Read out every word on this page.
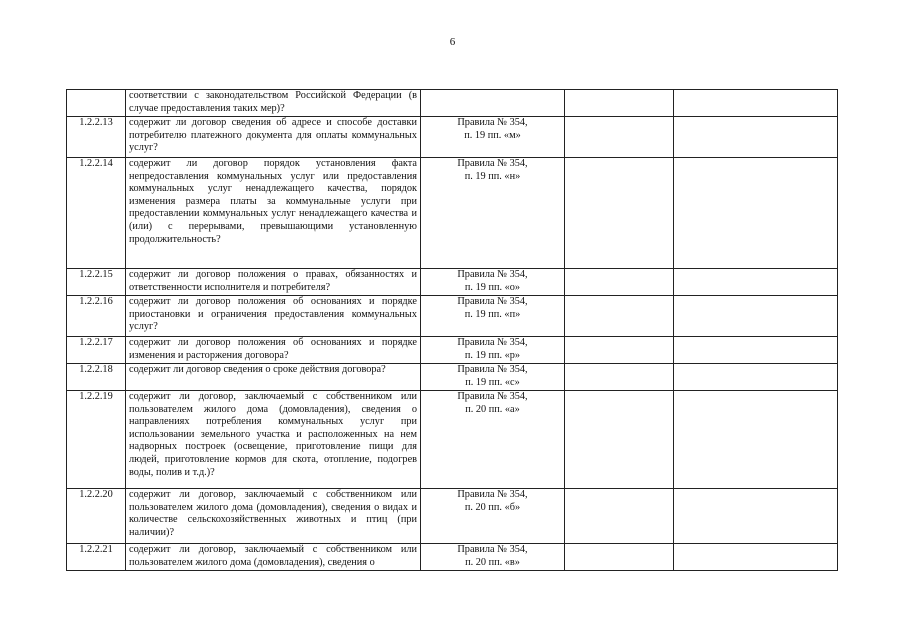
6
	соответствии с законодательством Российской Федерации (в случае предоставления таких мер)?	

1.2.2.13	содержит ли договор сведения об адресе и способе доставки потребителю платежного документа для оплаты коммунальных услуг?	Правила № 354,
п. 19 пп. «м»		

1.2.2.14	содержит ли договор порядок установления факта непредоставления коммунальных услуг или предоставления коммунальных услуг ненадлежащего качества, порядок изменения размера платы за коммунальные услуги при предоставлении коммунальных услуг ненадлежащего качества и (или) с перерывами, превышающими установленную продолжительность?	Правила № 354,
п. 19 пп. «н»		

1.2.2.15	содержит ли договор положения о правах, обязанностях и ответственности исполнителя и потребителя?	Правила № 354,
п. 19 пп. «о»		

1.2.2.16	содержит ли договор положения об основаниях и порядке приостановки и ограничения предоставления коммунальных услуг?	Правила № 354,
п. 19 пп. «п»		

1.2.2.17	содержит ли договор положения об основаниях и порядке изменения и расторжения договора?	Правила № 354,
п. 19 пп. «р»		

1.2.2.18	содержит ли договор сведения о сроке действия договора?	Правила № 354,
п. 19 пп. «с»		

1.2.2.19	содержит ли договор, заключаемый с собственником или пользователем жилого дома (домовладения), сведения о направлениях потребления коммунальных услуг при использовании земельного участка и расположенных на нем надворных построек (освещение, приготовление пищи для людей, приготовление кормов для скота, отопление, подогрев воды, полив и т.д.)?	Правила № 354,
п. 20 пп. «а»		

1.2.2.20	содержит ли договор, заключаемый с собственником или пользователем жилого дома (домовладения), сведения о видах и количестве сельскохозяйственных животных и птиц (при наличии)?	Правила № 354,
п. 20 пп. «б»		

1.2.2.21	содержит ли договор, заключаемый с собственником или пользователем жилого дома (домовладения), сведения о	Правила № 354,
п. 20 пп. «в»		
